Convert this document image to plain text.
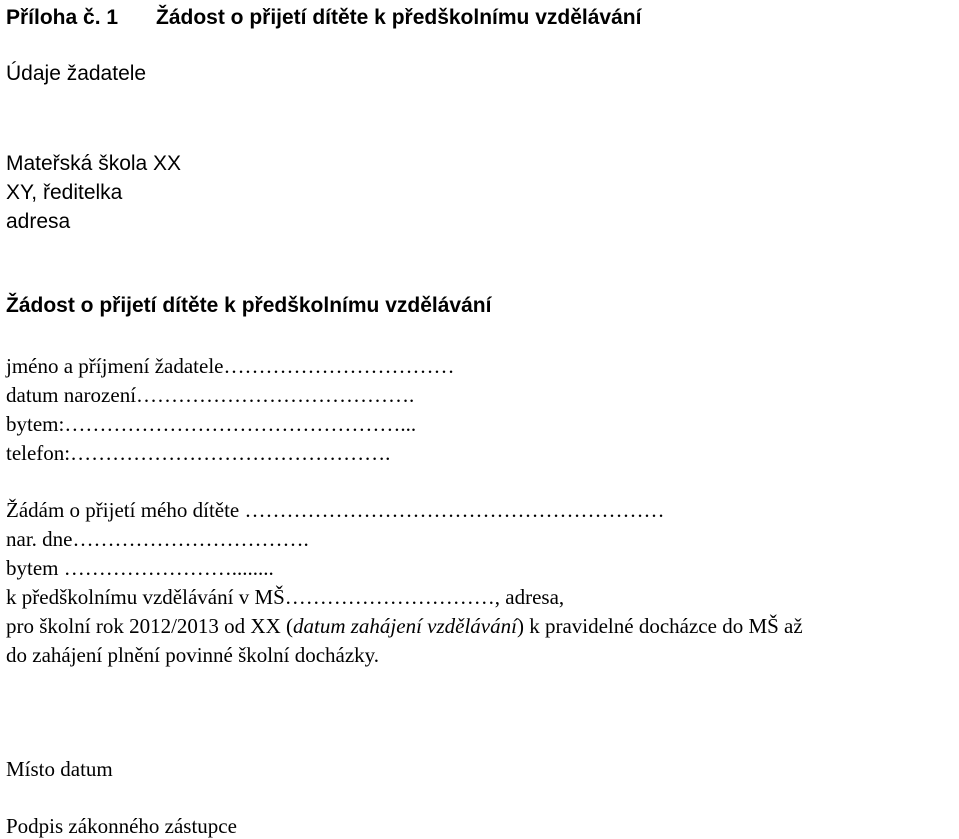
Příloha č. 1 Žádost o přijetí dítěte k předškolnímu vzdělávání
Údaje žadatele
Mateřská škola XX
XY, ředitelka
adresa
Žádost o přijetí dítěte k předškolnímu vzdělávání
jméno a příjmení žadatele……………………………
datum narození………………………………….
bytem:…………………………………………...
telefon:……………………………………….
Žádám o přijetí mého dítěte ……………………………………………………
nar. dne…………………………….
bytem ……………………........
k předškolnímu vzdělávání v MŠ…………………………, adresa,
pro školní rok 2012/2013 od XX (datum zahájení vzdělávání) k pravidelné docházce do MŠ až
do zahájení plnění povinné školní docházky.
Místo datum
Podpis zákonného zástupce
